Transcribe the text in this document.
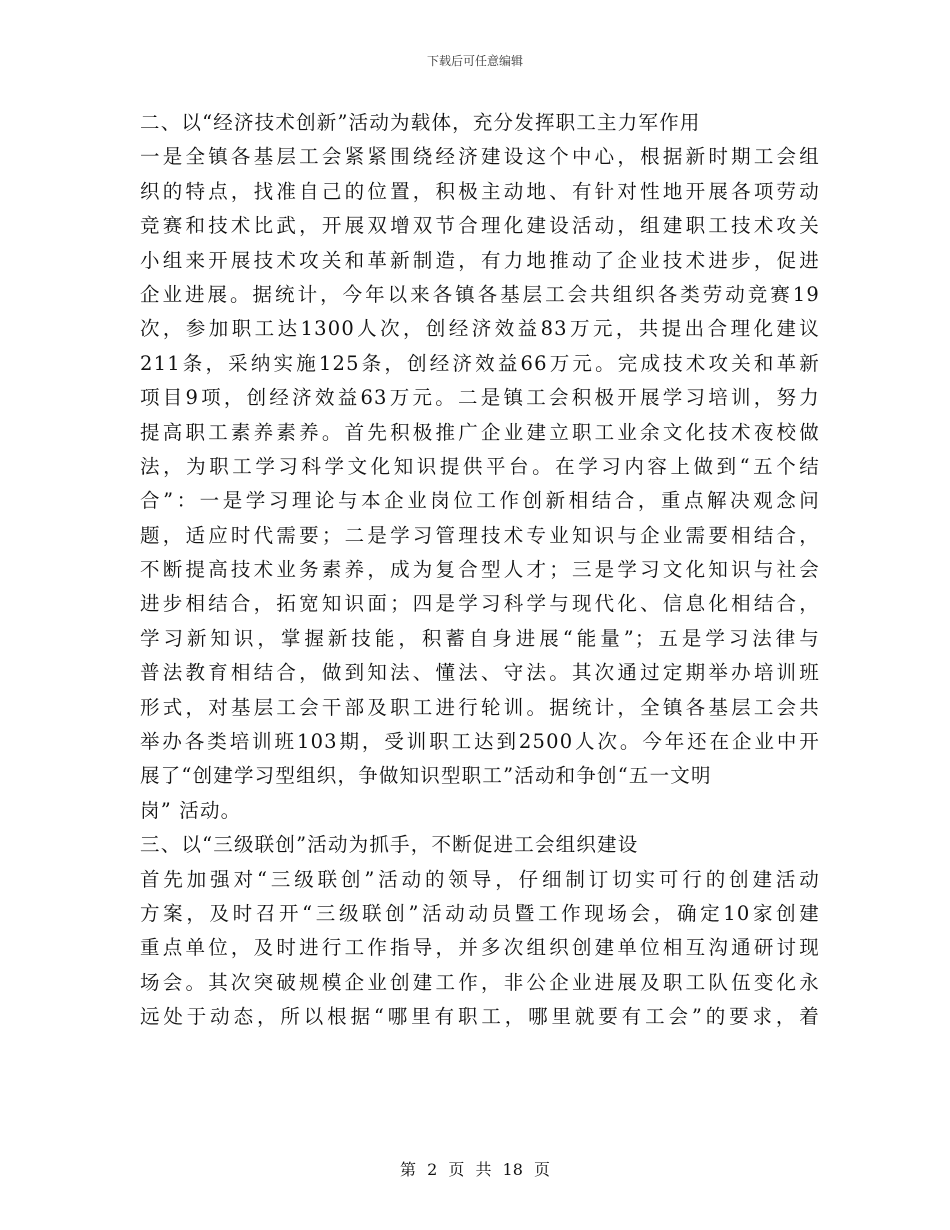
下载后可任意编辑
二、以“经济技术创新”活动为载体，充分发挥职工主力军作用
一是全镇各基层工会紧紧围绕经济建设这个中心，根据新时期工会组
织的特点，找准自己的位置，积极主动地、有针对性地开展各项劳动
竞赛和技术比武，开展双增双节合理化建设活动，组建职工技术攻关
小组来开展技术攻关和革新制造，有力地推动了企业技术进步，促进
企业进展。据统计，今年以来各镇各基层工会共组织各类劳动竞赛19
次，参加职工达1300人次，创经济效益83万元，共提出合理化建议
211条，采纳实施125条，创经济效益66万元。完成技术攻关和革新
项目9项，创经济效益63万元。二是镇工会积极开展学习培训，努力
提高职工素养素养。首先积极推广企业建立职工业余文化技术夜校做
法，为职工学习科学文化知识提供平台。在学习内容上做到“五个结
合”：一是学习理论与本企业岗位工作创新相结合，重点解决观念问
题，适应时代需要；二是学习管理技术专业知识与企业需要相结合，
不断提高技术业务素养，成为复合型人才；三是学习文化知识与社会
进步相结合，拓宽知识面；四是学习科学与现代化、信息化相结合，
学习新知识，掌握新技能，积蓄自身进展“能量”；五是学习法律与
普法教育相结合，做到知法、懂法、守法。其次通过定期举办培训班
形式，对基层工会干部及职工进行轮训。据统计，全镇各基层工会共
举办各类培训班103期，受训职工达到2500人次。今年还在企业中开
展了“创建学习型组织，争做知识型职工”活动和争创“五一文明
岗” 活动。
三、以“三级联创”活动为抓手，不断促进工会组织建设
首先加强对“三级联创”活动的领导，仔细制订切实可行的创建活动
方案，及时召开“三级联创”活动动员暨工作现场会，确定10家创建
重点单位，及时进行工作指导，并多次组织创建单位相互沟通研讨现
场会。其次突破规模企业创建工作，非公企业进展及职工队伍变化永
远处于动态，所以根据“哪里有职工，哪里就要有工会”的要求，着
第 2 页 共 18 页
